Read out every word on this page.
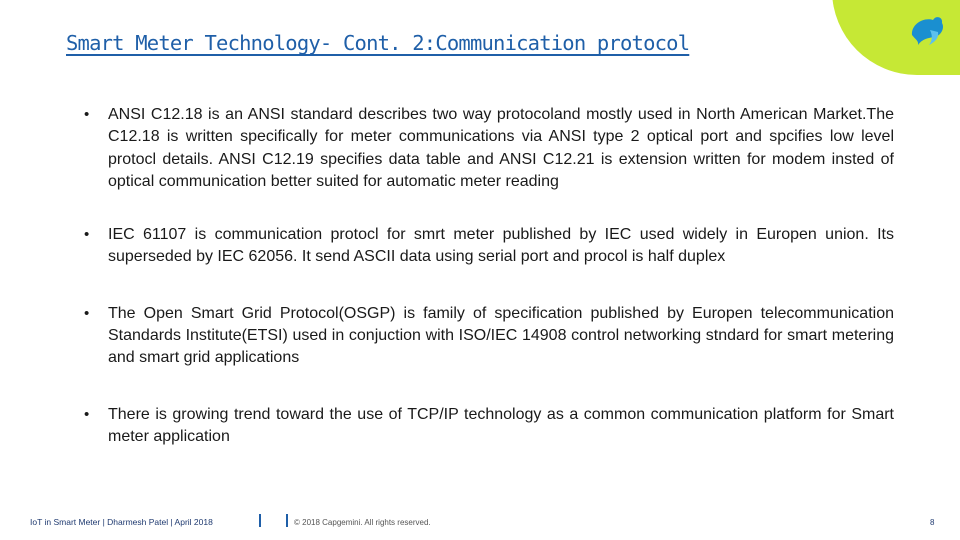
Smart Meter Technology- Cont. 2:Communication protocol
• ANSI C12.18 is an ANSI standard describes two way protocoland mostly used in North American Market.The C12.18 is written specifically for meter communications via ANSI type 2 optical port and spcifies low level protocl details. ANSI C12.19 specifies data table and ANSI C12.21 is extension written for modem insted of optical communication better suited for automatic meter reading
• IEC 61107 is communication protocl for smrt meter published by IEC used widely in Europen union. Its superseded by IEC 62056. It send ASCII data using serial port and procol is half duplex
• The Open Smart Grid Protocol(OSGP) is family of specification published by Europen telecommunication Standards Institute(ETSI) used in conjuction with ISO/IEC 14908 control networking stndard for smart metering and smart grid applications
• There is growing trend toward the use of TCP/IP technology as a common communication platform for Smart meter application
IoT in Smart Meter | Dharmesh Patel | April 2018	© 2018 Capgemini. All rights reserved.	8
